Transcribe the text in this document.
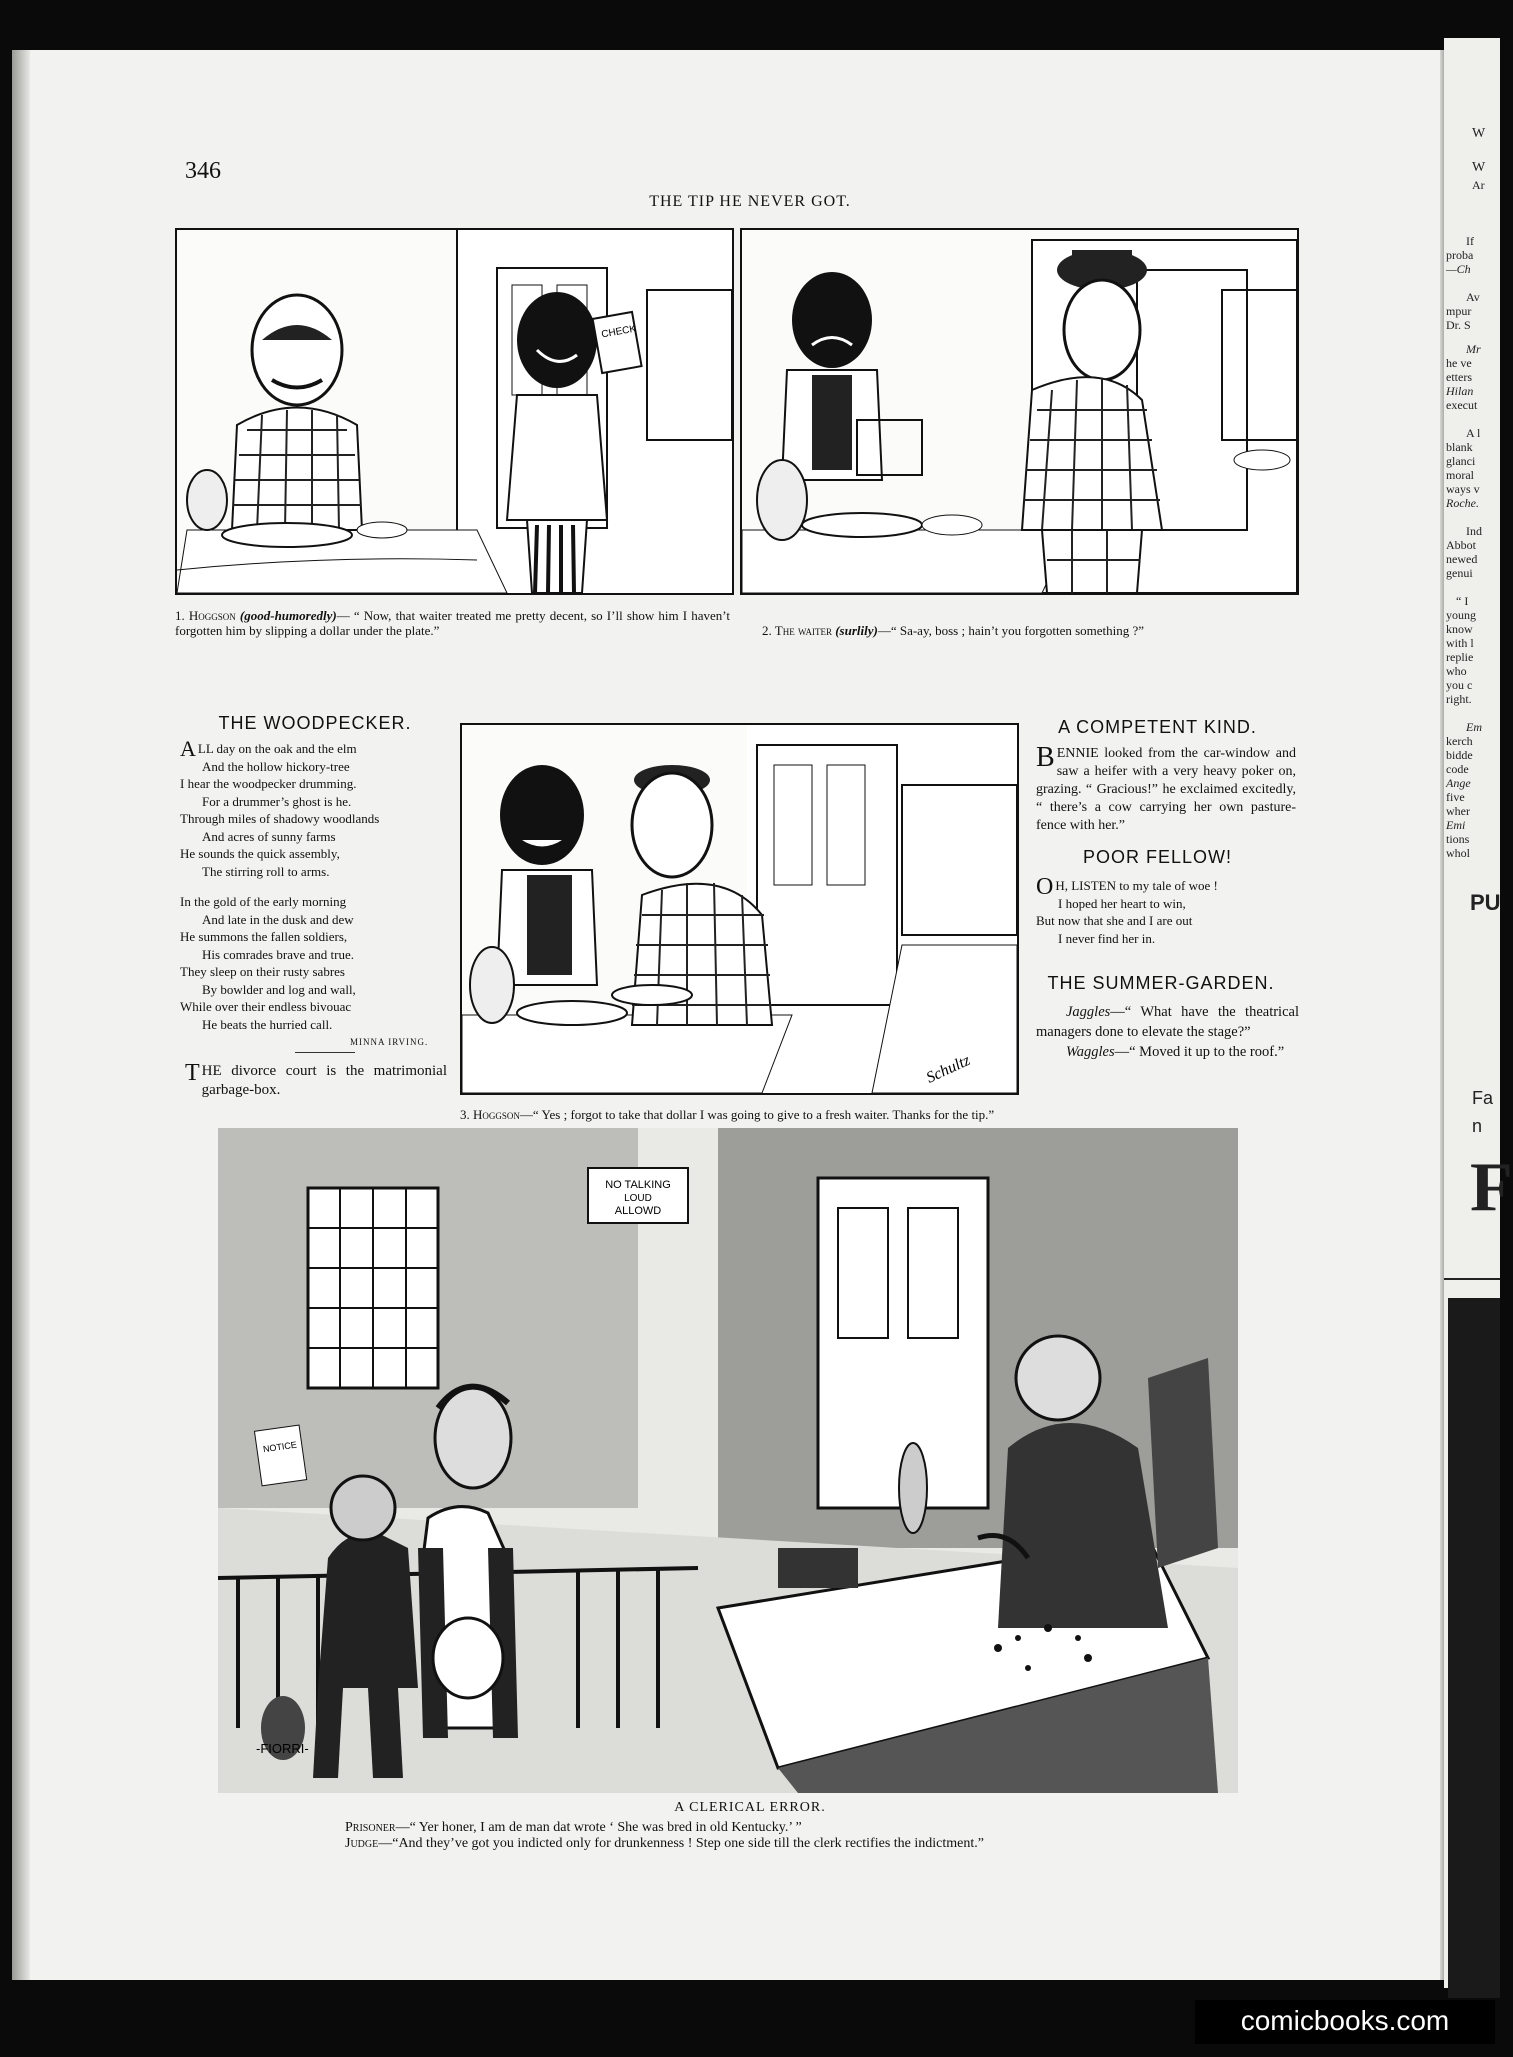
W
W
Ar
If
proba
—Ch
Av
mpur
Dr. S
Mr
he ve
etters
Hilan
execut
A l
blank
glanci
moral
ways v
Roche.
Ind
Abbot
newed
genui
“ I
young
know
with l
replie
who
you c
right.
Em
kerch
bidde
code
Ange
five
wher
Emi
tions
whol
PU
Fa
n
F
346
THE TIP HE NEVER GOT.
CHECK
1. Hoggson (good-humoredly)— “ Now, that waiter treated me pretty decent, so I’ll show him I haven’t forgotten him by slipping a dollar under the plate.”	2. The waiter (surlily)—“ Sa-ay, boss ; hain’t you forgotten something ?”
THE WOODPECKER.
ALL day on the oak and the elm
And the hollow hickory-tree
I hear the woodpecker drumming.
For a drummer’s ghost is he.
Through miles of shadowy woodlands
And acres of sunny farms
He sounds the quick assembly,
The stirring roll to arms.
In the gold of the early morning
And late in the dusk and dew
He summons the fallen soldiers,
His comrades brave and true.
They sleep on their rusty sabres
By bowlder and log and wall,
While over their endless bivouac
He beats the hurried call.
MINNA IRVING.
THE divorce court is the matrimonial garbage-box.
Schultz
3. Hoggson—“ Yes ; forgot to take that dollar I was going to give to a fresh waiter. Thanks for the tip.”
A COMPETENT KIND.
BENNIE looked from the car-window and saw a heifer with a very heavy poker on, grazing. “ Gracious!” he exclaimed excitedly, “ there’s a cow carrying her own pasture-fence with her.”
POOR FELLOW!
O H, LISTEN to my tale of woe !
I hoped her heart to win,
But now that she and I are out
I never find her in.
THE SUMMER-GARDEN.
Jaggles—“ What have the theatrical managers done to elevate the stage?”
Waggles—“ Moved it up to the roof.”
NOTICE
NO TALKING
LOUD
ALLOWD
-FIORRI-
A CLERICAL ERROR.
Prisoner—“ Yer honer, I am de man dat wrote ‘ She was bred in old Kentucky.’ ”
Judge—“And they’ve got you indicted only for drunkenness ! Step one side till the clerk rectifies the indictment.”
comicbooks.com
